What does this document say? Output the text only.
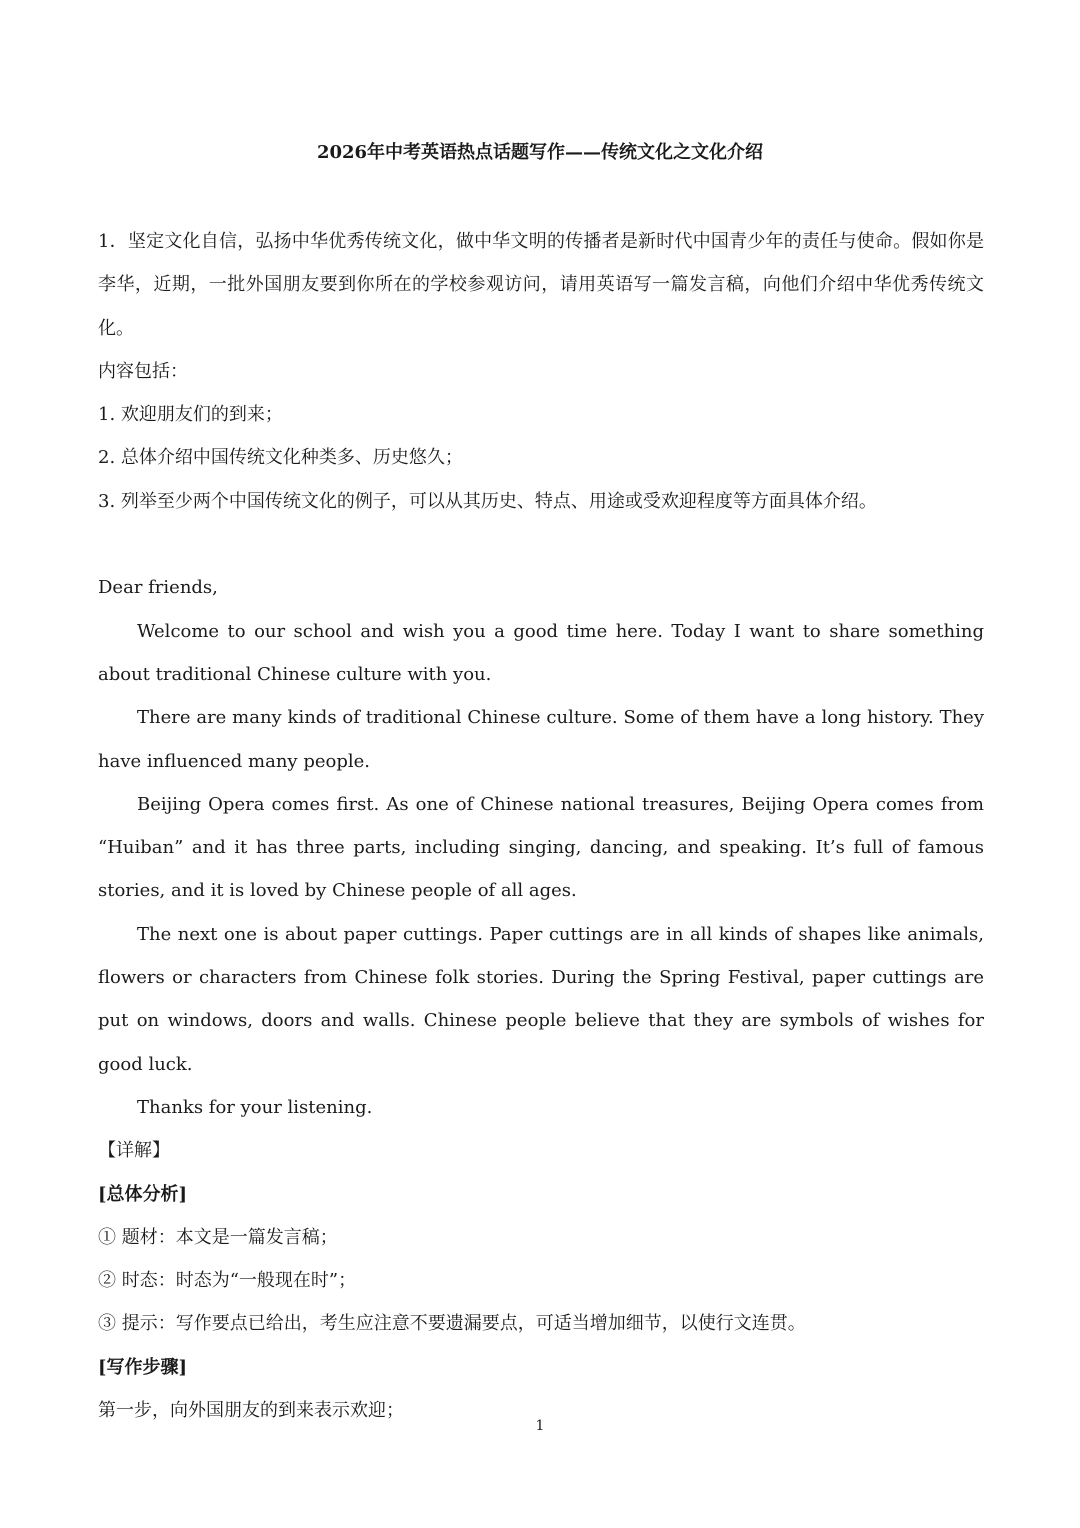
2026年中考英语热点话题写作——传统文化之文化介绍

1．坚定文化自信，弘扬中华优秀传统文化，做中华文明的传播者是新时代中国青少年的责任与使命。假如你是李华，近期，一批外国朋友要到你所在的学校参观访问，请用英语写一篇发言稿，向他们介绍中华优秀传统文化。

内容包括：

1. 欢迎朋友们的到来；

2. 总体介绍中国传统文化种类多、历史悠久；

3. 列举至少两个中国传统文化的例子，可以从其历史、特点、用途或受欢迎程度等方面具体介绍。

Dear friends,

Welcome to our school and wish you a good time here. Today I want to share something about traditional Chinese culture with you.

There are many kinds of traditional Chinese culture. Some of them have a long history. They have influenced many people.

Beijing Opera comes first. As one of Chinese national treasures, Beijing Opera comes from “Huiban” and it has three parts, including singing, dancing, and speaking. It’s full of famous stories, and it is loved by Chinese people of all ages.

The next one is about paper cuttings. Paper cuttings are in all kinds of shapes like animals, flowers or characters from Chinese folk stories. During the Spring Festival, paper cuttings are put on windows, doors and walls. Chinese people believe that they are symbols of wishes for good luck.

Thanks for your listening.

【详解】

[总体分析]

① 题材：本文是一篇发言稿；

② 时态：时态为“一般现在时”；

③ 提示：写作要点已给出，考生应注意不要遗漏要点，可适当增加细节，以使行文连贯。

[写作步骤]

第一步，向外国朋友的到来表示欢迎；

1
